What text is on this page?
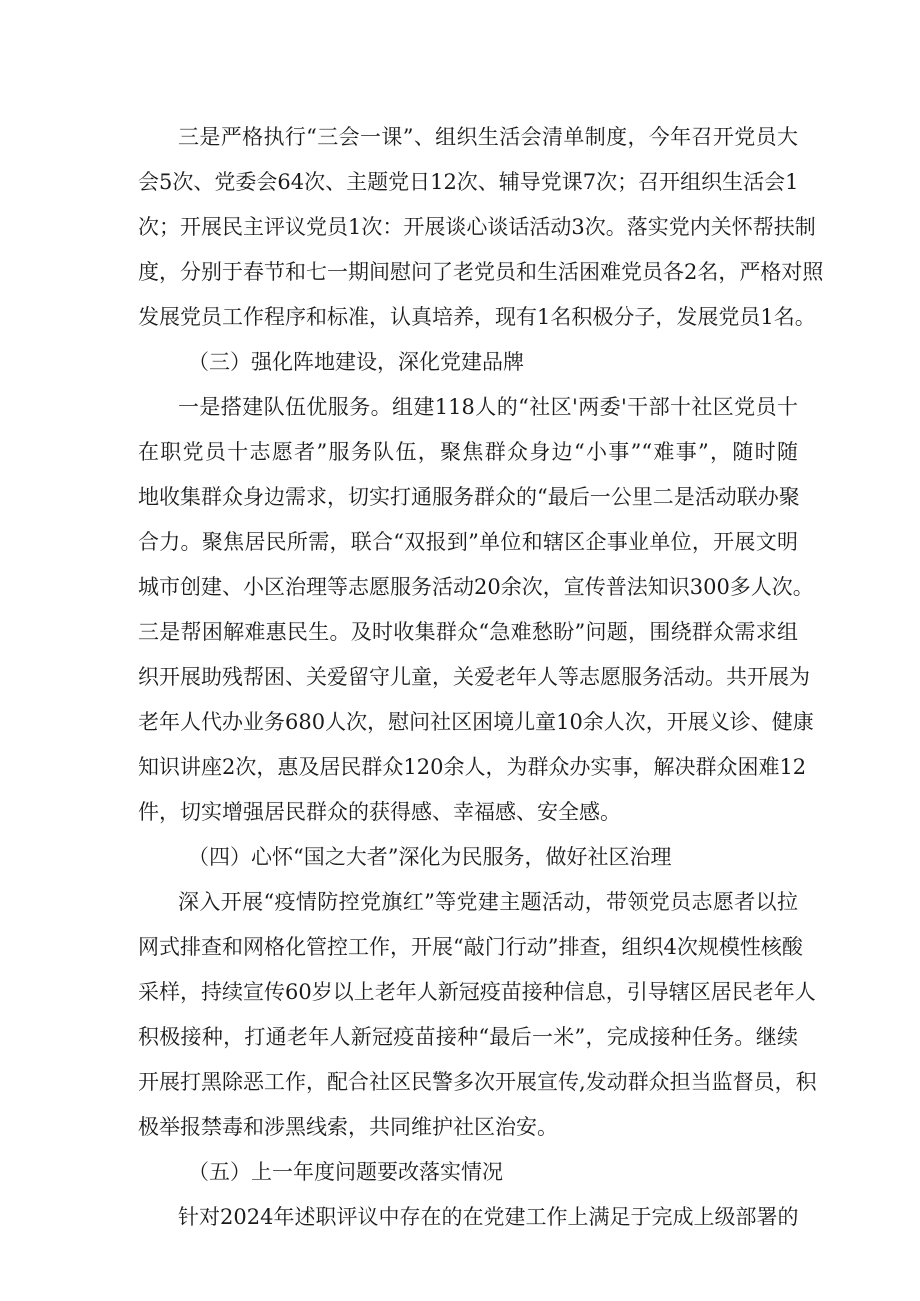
三是严格执行“三会一课”、组织生活会清单制度，今年召开党员大
会5次、党委会64次、主题党日12次、辅导党课7次；召开组织生活会1
次；开展民主评议党员1次：开展谈心谈话活动3次。落实党内关怀帮扶制
度，分别于春节和七一期间慰问了老党员和生活困难党员各2名，严格对照
发展党员工作程序和标准，认真培养，现有1名积极分子，发展党员1名。
（三）强化阵地建设，深化党建品牌
一是搭建队伍优服务。组建118人的“社区'两委'干部十社区党员十
在职党员十志愿者”服务队伍，聚焦群众身边“小事”“难事”，随时随
地收集群众身边需求，切实打通服务群众的“最后一公里二是活动联办聚
合力。聚焦居民所需，联合“双报到”单位和辖区企事业单位，开展文明
城市创建、小区治理等志愿服务活动20余次，宣传普法知识300多人次。
三是帮困解难惠民生。及时收集群众“急难愁盼”问题，围绕群众需求组
织开展助残帮困、关爱留守儿童，关爱老年人等志愿服务活动。共开展为
老年人代办业务680人次，慰问社区困境儿童10余人次，开展义诊、健康
知识讲座2次，惠及居民群众120余人，为群众办实事，解决群众困难12
件，切实增强居民群众的获得感、幸福感、安全感。
（四）心怀“国之大者”深化为民服务，做好社区治理
深入开展“疫情防控党旗红”等党建主题活动，带领党员志愿者以拉
网式排查和网格化管控工作，开展“敲门行动”排查，组织4次规模性核酸
采样，持续宣传60岁以上老年人新冠疫苗接种信息，引导辖区居民老年人
积极接种，打通老年人新冠疫苗接种“最后一米”，完成接种任务。继续
开展打黑除恶工作，配合社区民警多次开展宣传,发动群众担当监督员，积
极举报禁毒和涉黑线索，共同维护社区治安。
（五）上一年度问题要改落实情况
针对2024年述职评议中存在的在党建工作上满足于完成上级部署的
